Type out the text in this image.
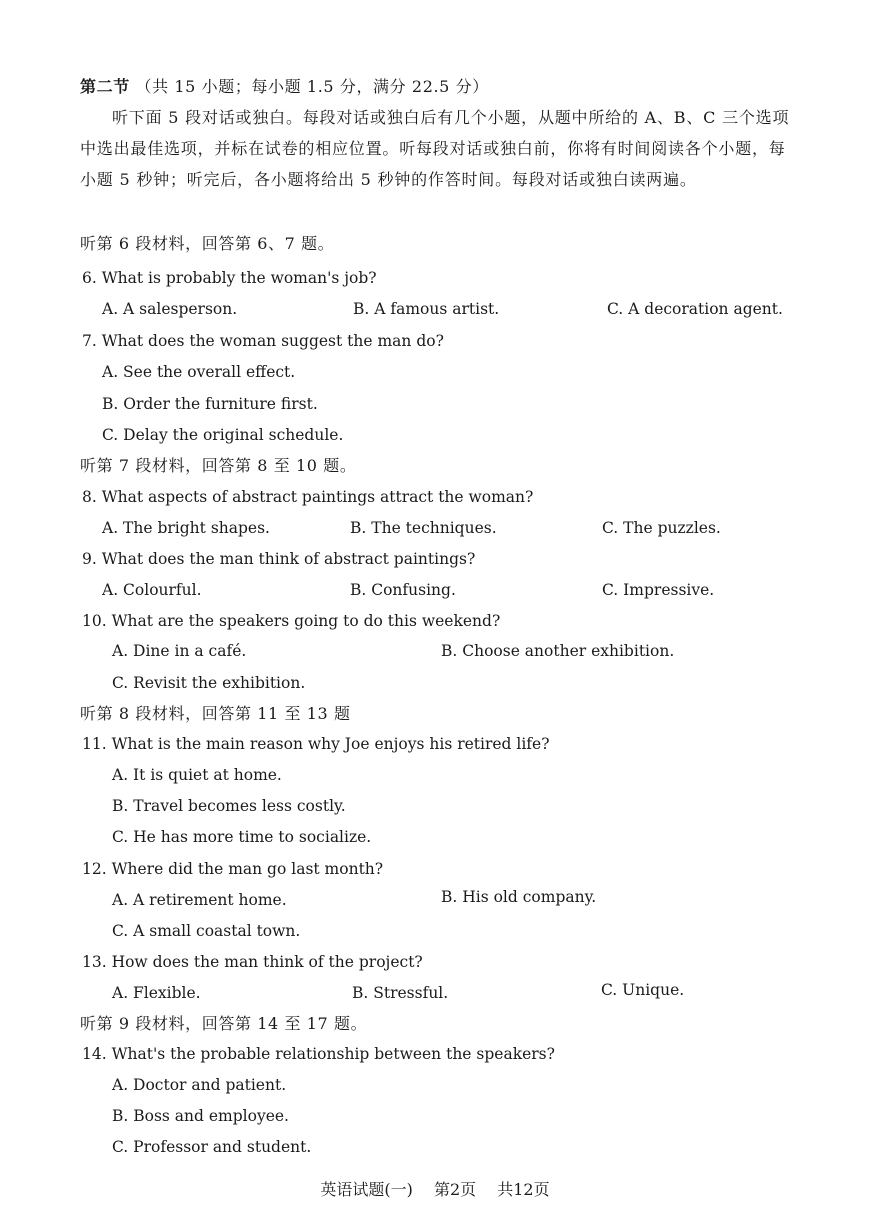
第二节 （共 15 小题；每小题 1.5 分，满分 22.5 分）
听下面 5 段对话或独白。每段对话或独白后有几个小题，从题中所给的 A、B、C 三个选项中选出最佳选项，并标在试卷的相应位置。听每段对话或独白前，你将有时间阅读各个小题，每小题 5 秒钟；听完后，各小题将给出 5 秒钟的作答时间。每段对话或独白读两遍。
听第 6 段材料，回答第 6、7 题。
6. What is probably the woman's job?
A. A salesperson.	B. A famous artist.	C. A decoration agent.
7. What does the woman suggest the man do?
A. See the overall effect.
B. Order the furniture first.
C. Delay the original schedule.
听第 7 段材料，回答第 8 至 10 题。
8. What aspects of abstract paintings attract the woman?
A. The bright shapes.	B. The techniques.	C. The puzzles.
9. What does the man think of abstract paintings?
A. Colourful.	B. Confusing.	C. Impressive.
10. What are the speakers going to do this weekend?
A. Dine in a café.	B. Choose another exhibition.
C. Revisit the exhibition.
听第 8 段材料，回答第 11 至 13 题
11. What is the main reason why Joe enjoys his retired life?
A. It is quiet at home.
B. Travel becomes less costly.
C. He has more time to socialize.
12. Where did the man go last month?
A. A retirement home.	B. His old company.
C. A small coastal town.
13. How does the man think of the project?
A. Flexible.	B. Stressful.	C. Unique.
听第 9 段材料，回答第 14 至 17 题。
14. What's the probable relationship between the speakers?
A. Doctor and patient.
B. Boss and employee.
C. Professor and student.
英语试题(一) 第2页 共12页
